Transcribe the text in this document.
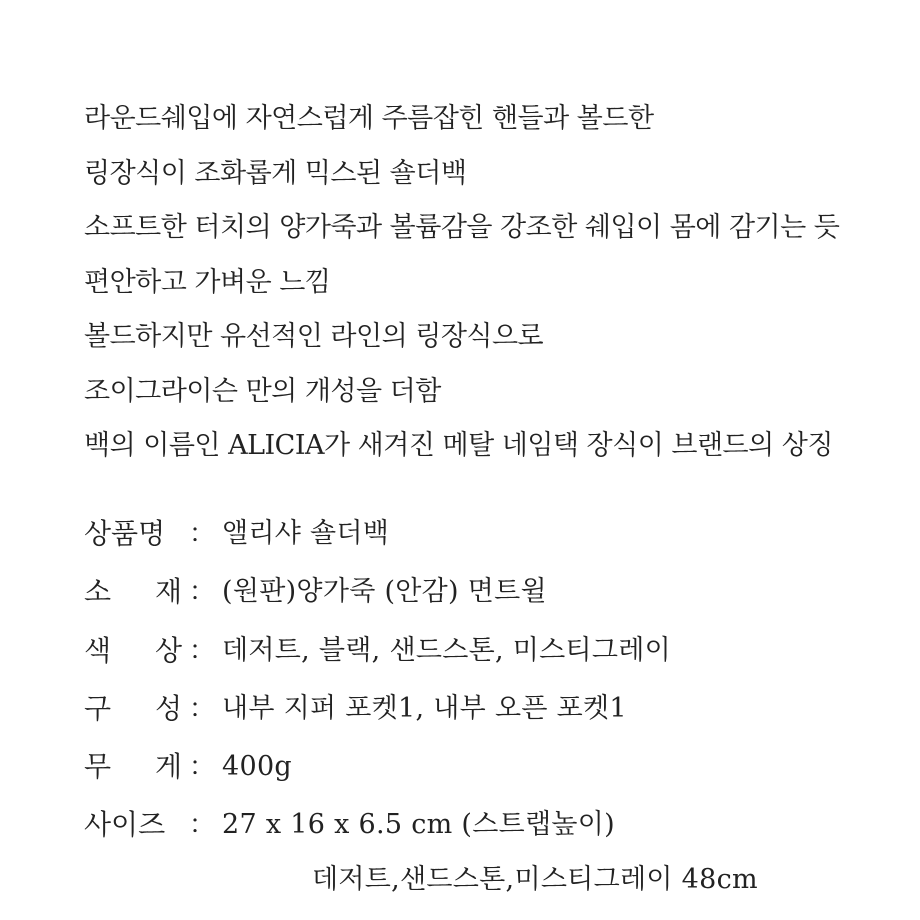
라운드쉐입에 자연스럽게 주름잡힌 핸들과 볼드한
링장식이 조화롭게 믹스된 숄더백
소프트한 터치의 양가죽과 볼륨감을 강조한 쉐입이 몸에 감기는 듯
편안하고 가벼운 느낌
볼드하지만 유선적인 라인의 링장식으로
조이그라이슨 만의 개성을 더함
백의 이름인 ALICIA가 새겨진 메탈 네임택 장식이 브랜드의 상징
상품명 ： 앨리샤 숄더백
소 재 ： (원판)양가죽 (안감) 면트윌
색 상 ： 데저트, 블랙, 샌드스톤, 미스티그레이
구 성 ： 내부 지퍼 포켓1, 내부 오픈 포켓1
무 게 ： 400g
사이즈 ： 27 x 16 x 6.5 cm (스트랩높이)
데저트,샌드스톤,미스티그레이 48cm
